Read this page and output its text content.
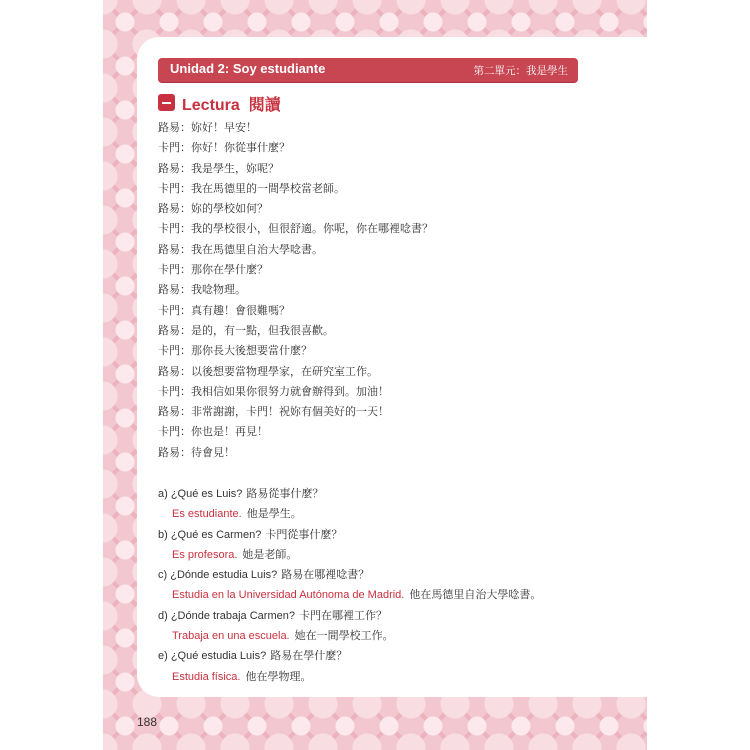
Unidad 2: Soy estudiante	第二單元：我是學生
Lectura 閱讀
路易：妳好！早安！
卡門：你好！你從事什麼？
路易：我是學生，妳呢？
卡門：我在馬德里的一間學校當老師。
路易：妳的學校如何？
卡門：我的學校很小，但很舒適。你呢，你在哪裡唸書？
路易：我在馬德里自治大學唸書。
卡門：那你在學什麼？
路易：我唸物理。
卡門：真有趣！會很難嗎？
路易：是的，有一點，但我很喜歡。
卡門：那你長大後想要當什麼？
路易：以後想要當物理學家，在研究室工作。
卡門：我相信如果你很努力就會辦得到。加油！
路易：非常謝謝，卡門！祝妳有個美好的一天！
卡門：你也是！再見！
路易：待會見！
a) ¿Qué es Luis? 路易從事什麼？
Es estudiante. 他是學生。
b) ¿Qué es Carmen? 卡門從事什麼？
Es profesora. 她是老師。
c) ¿Dónde estudia Luis? 路易在哪裡唸書？
Estudia en la Universidad Autónoma de Madrid. 他在馬德里自治大學唸書。
d) ¿Dónde trabaja Carmen? 卡門在哪裡工作？
Trabaja en una escuela. 她在一間學校工作。
e) ¿Qué estudia Luis? 路易在學什麼？
Estudia física. 他在學物理。
188
